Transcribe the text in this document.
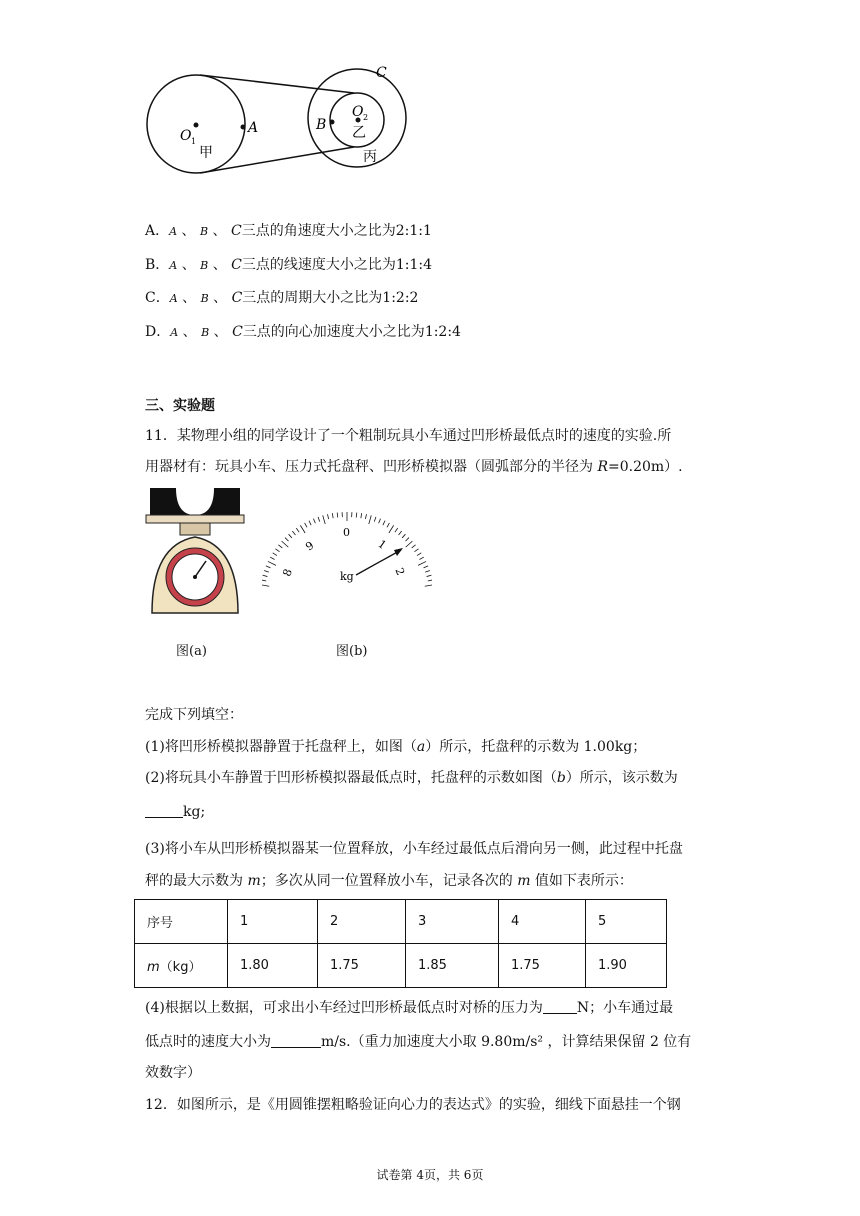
O 1
甲
A	B
O 2
乙
C
丙
A．A 、 B 、 C三点的角速度大小之比为2:1:1
B．A 、 B 、 C三点的线速度大小之比为1:1:4
C．A 、 B 、 C三点的周期大小之比为1:2:2
D．A 、 B 、 C三点的向心加速度大小之比为1:2:4
三、实验题
11．某物理小组的同学设计了一个粗制玩具小车通过凹形桥最低点时的速度的实验.所
用器材有：玩具小车、压力式托盘秤、凹形桥模拟器（圆弧部分的半径为 R=0.20m）.
图(a)
8
9
0
1
2
kg
图(b)
完成下列填空：
(1)将凹形桥模拟器静置于托盘秤上，如图（a）所示，托盘秤的示数为 1.00kg；
(2)将玩具小车静置于凹形桥模拟器最低点时，托盘秤的示数如图（b）所示，该示数为
kg;
(3)将小车从凹形桥模拟器某一位置释放，小车经过最低点后滑向另一侧，此过程中托盘
秤的最大示数为 m；多次从同一位置释放小车，记录各次的 m 值如下表所示：
序号	1	2	3	4	5
m（kg）	1.80	1.75	1.85	1.75	1.90
(4)根据以上数据，可求出小车经过凹形桥最低点时对桥的压力为 N；小车通过最
低点时的速度大小为	m/s.（重力加速度大小取 9.80m/s² ，计算结果保留 2 位有
效数字）
12．如图所示，是《用圆锥摆粗略验证向心力的表达式》的实验，细线下面悬挂一个钢
试卷第 4页，共 6页
